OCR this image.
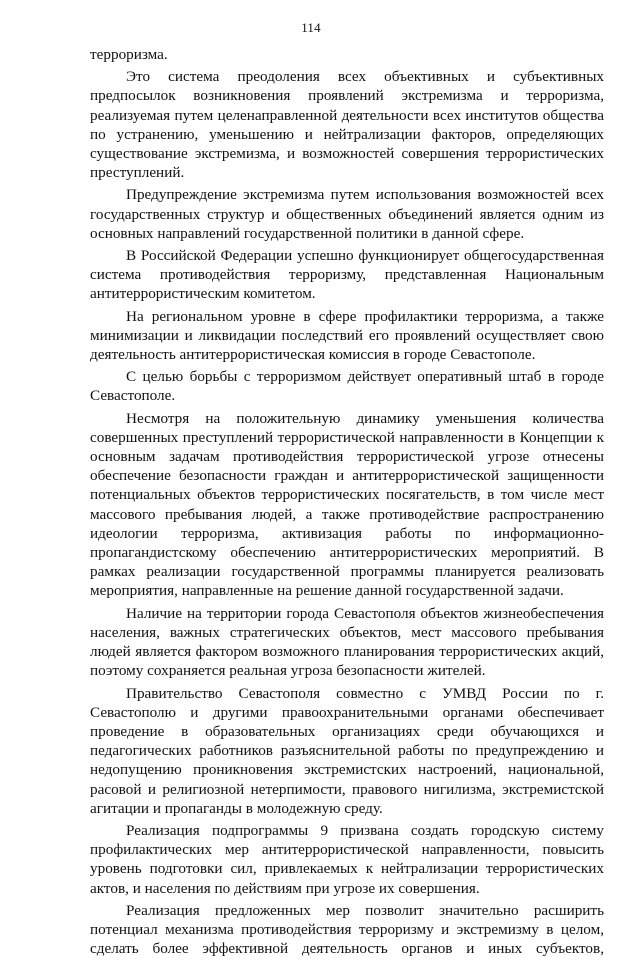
114

терроризма.

Это система преодоления всех объективных и субъективных предпосылок возникновения проявлений экстремизма и терроризма, реализуемая путем целенаправленной деятельности всех институтов общества по устранению, уменьшению и нейтрализации факторов, определяющих существование экстремизма, и возможностей совершения террористических преступлений.

Предупреждение экстремизма путем использования возможностей всех государственных структур и общественных объединений является одним из основных направлений государственной политики в данной сфере.

В Российской Федерации успешно функционирует общегосударственная система противодействия терроризму, представленная Национальным антитеррористическим комитетом.

На региональном уровне в сфере профилактики терроризма, а также минимизации и ликвидации последствий его проявлений осуществляет свою деятельность антитеррористическая комиссия в городе Севастополе.

С целью борьбы с терроризмом действует оперативный штаб в городе Севастополе.

Несмотря на положительную динамику уменьшения количества совершенных преступлений террористической направленности в Концепции к основным задачам противодействия террористической угрозе отнесены обеспечение безопасности граждан и антитеррористической защищенности потенциальных объектов террористических посягательств, в том числе мест массового пребывания людей, а также противодействие распространению идеологии терроризма, активизация работы по информационно-пропагандистскому обеспечению антитеррористических мероприятий. В рамках реализации государственной программы планируется реализовать мероприятия, направленные на решение данной государственной задачи.

Наличие на территории города Севастополя объектов жизнеобеспечения населения, важных стратегических объектов, мест массового пребывания людей является фактором возможного планирования террористических акций, поэтому сохраняется реальная угроза безопасности жителей.

Правительство Севастополя совместно с УМВД России по г. Севастополю и другими правоохранительными органами обеспечивает проведение в образовательных организациях среди обучающихся и педагогических работников разъяснительной работы по предупреждению и недопущению проникновения экстремистских настроений, национальной, расовой и религиозной нетерпимости, правового нигилизма, экстремистской агитации и пропаганды в молодежную среду.

Реализация подпрограммы 9 призвана создать городскую систему профилактических мер антитеррористической направленности, повысить уровень подготовки сил, привлекаемых к нейтрализации террористических актов, и населения по действиям при угрозе их совершения.

Реализация предложенных мер позволит значительно расширить потенциал механизма противодействия терроризму и экстремизму в целом, сделать более эффективной деятельность органов и иных субъектов,
